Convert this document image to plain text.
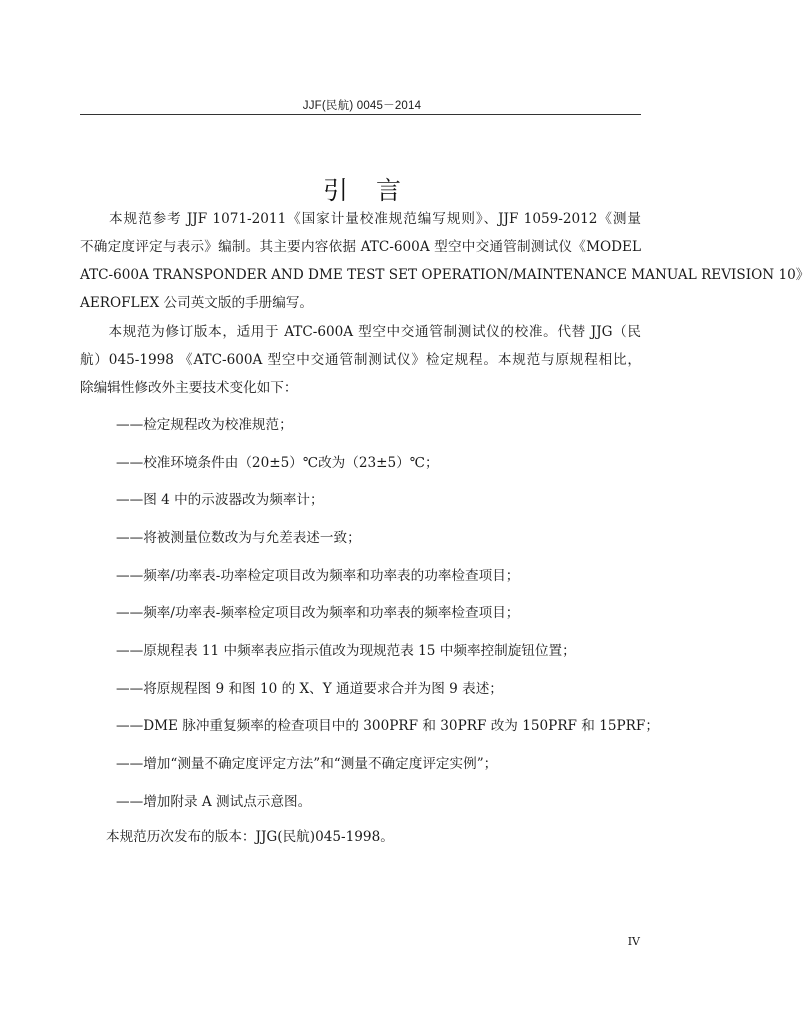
JJF(民航) 0045－2014
引言
　　本规范参考 JJF 1071-2011《国家计量校准规范编写规则》、JJF 1059-2012《测量
不确定度评定与表示》编制。其主要内容依据 ATC-600A 型空中交通管制测试仪《MODEL
ATC-600A TRANSPONDER AND DME TEST SET OPERATION/MAINTENANCE MANUAL REVISION 10》
AEROFLEX 公司英文版的手册编写。
　　本规范为修订版本，适用于 ATC-600A 型空中交通管制测试仪的校准。代替 JJG（民
航）045-1998 《ATC-600A 型空中交通管制测试仪》检定规程。本规范与原规程相比，
除编辑性修改外主要技术变化如下：
——检定规程改为校准规范；
——校准环境条件由（20±5）℃改为（23±5）℃；
——图 4 中的示波器改为频率计；
——将被测量位数改为与允差表述一致；
——频率/功率表-功率检定项目改为频率和功率表的功率检查项目；
——频率/功率表-频率检定项目改为频率和功率表的频率检查项目；
——原规程表 11 中频率表应指示值改为现规范表 15 中频率控制旋钮位置；
——将原规程图 9 和图 10 的 X、Y 通道要求合并为图 9 表述；
——DME 脉冲重复频率的检查项目中的 300PRF 和 30PRF 改为 150PRF 和 15PRF；
——增加“测量不确定度评定方法”和“测量不确定度评定实例”；
——增加附录 A 测试点示意图。
本规范历次发布的版本：JJG(民航)045-1998。
IV
